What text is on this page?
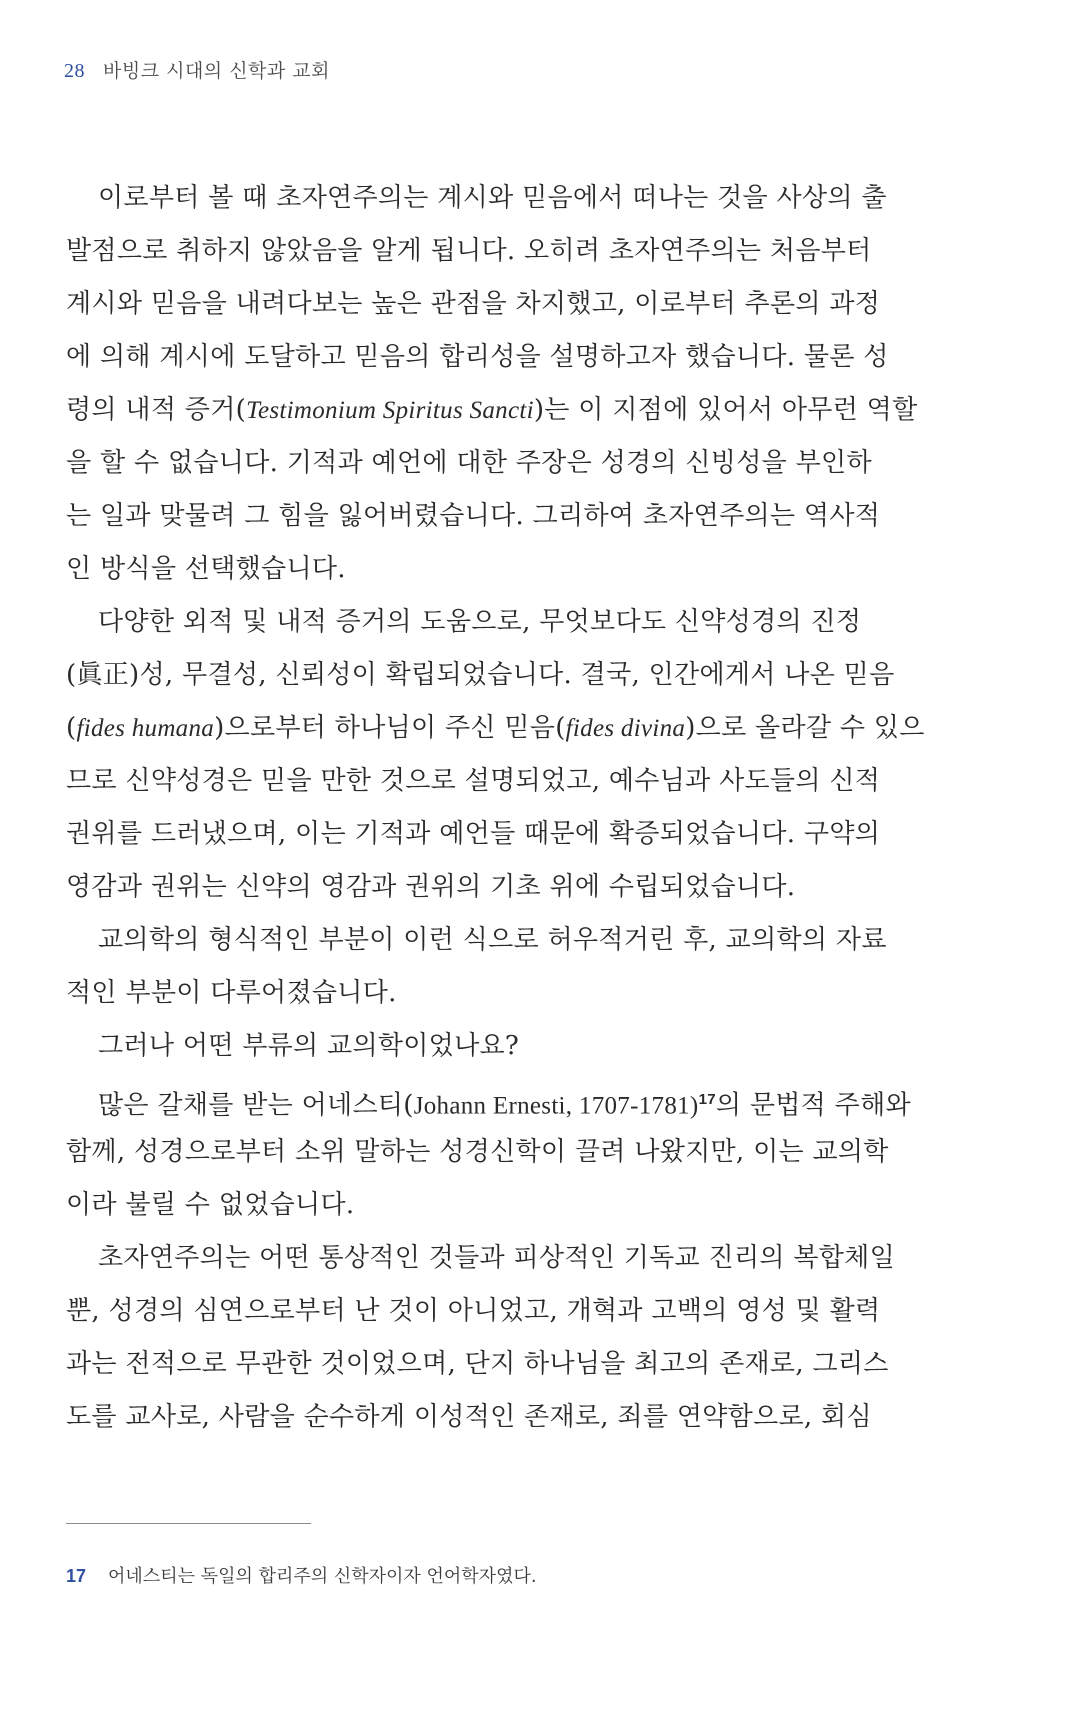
28 바빙크 시대의 신학과 교회
이로부터 볼 때 초자연주의는 계시와 믿음에서 떠나는 것을 사상의 출
발점으로 취하지 않았음을 알게 됩니다. 오히려 초자연주의는 처음부터
계시와 믿음을 내려다보는 높은 관점을 차지했고, 이로부터 추론의 과정
에 의해 계시에 도달하고 믿음의 합리성을 설명하고자 했습니다. 물론 성
령의 내적 증거(Testimonium Spiritus Sancti)는 이 지점에 있어서 아무런 역할
을 할 수 없습니다. 기적과 예언에 대한 주장은 성경의 신빙성을 부인하
는 일과 맞물려 그 힘을 잃어버렸습니다. 그리하여 초자연주의는 역사적
인 방식을 선택했습니다.
다양한 외적 및 내적 증거의 도움으로, 무엇보다도 신약성경의 진정
(眞正)성, 무결성, 신뢰성이 확립되었습니다. 결국, 인간에게서 나온 믿음
(fides humana)으로부터 하나님이 주신 믿음(fides divina)으로 올라갈 수 있으
므로 신약성경은 믿을 만한 것으로 설명되었고, 예수님과 사도들의 신적
권위를 드러냈으며, 이는 기적과 예언들 때문에 확증되었습니다. 구약의
영감과 권위는 신약의 영감과 권위의 기초 위에 수립되었습니다.
교의학의 형식적인 부분이 이런 식으로 허우적거린 후, 교의학의 자료
적인 부분이 다루어졌습니다.
그러나 어떤 부류의 교의학이었나요?
많은 갈채를 받는 어네스티(Johann Ernesti, 1707-1781)$^{17}$의 문법적 주해와
함께, 성경으로부터 소위 말하는 성경신학이 끌려 나왔지만, 이는 교의학
이라 불릴 수 없었습니다.
초자연주의는 어떤 통상적인 것들과 피상적인 기독교 진리의 복합체일
뿐, 성경의 심연으로부터 난 것이 아니었고, 개혁과 고백의 영성 및 활력
과는 전적으로 무관한 것이었으며, 단지 하나님을 최고의 존재로, 그리스
도를 교사로, 사람을 순수하게 이성적인 존재로, 죄를 연약함으로, 회심
17 어네스티는 독일의 합리주의 신학자이자 언어학자였다.
